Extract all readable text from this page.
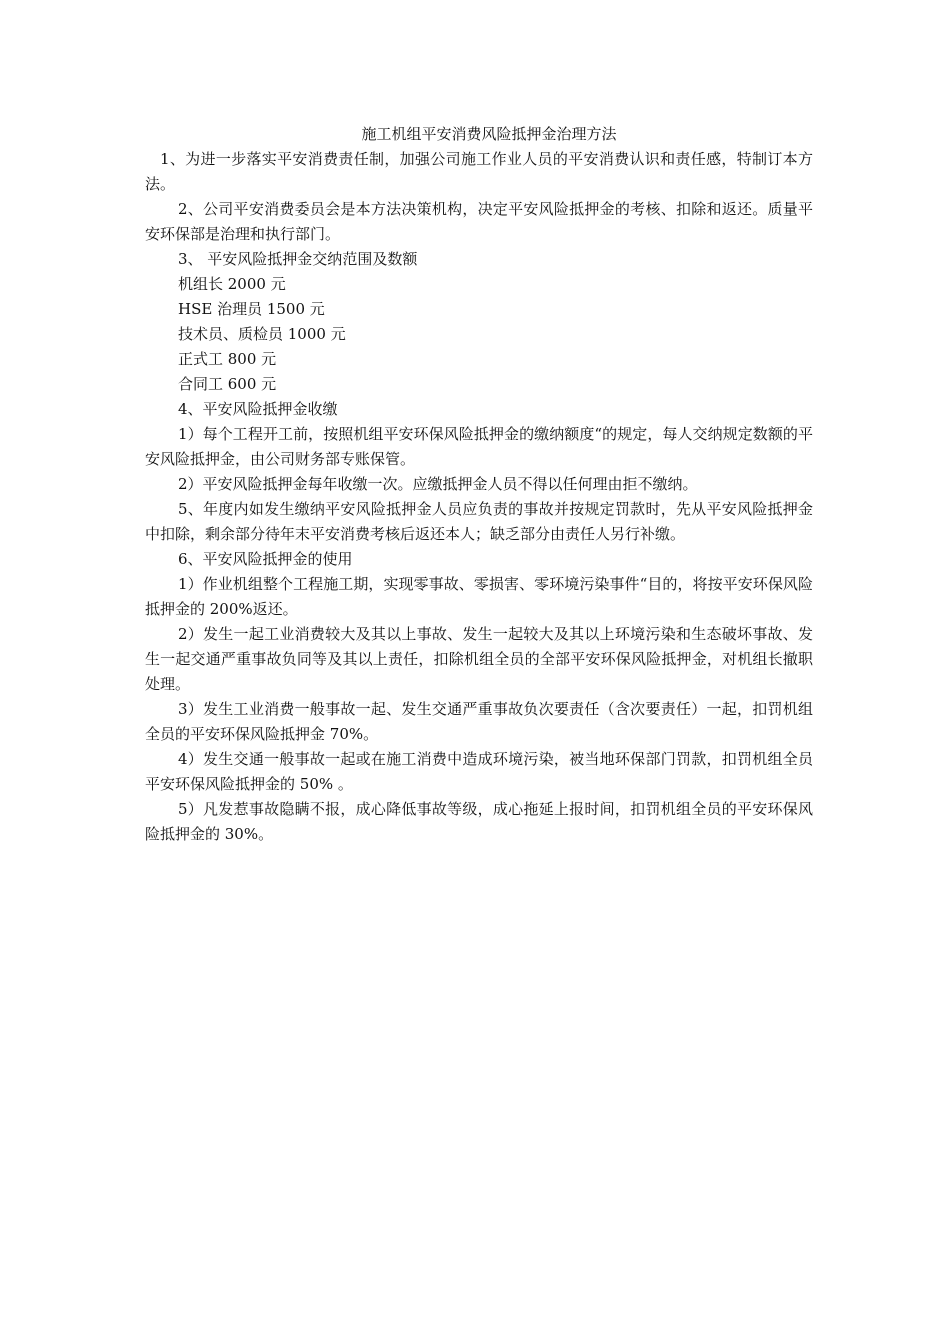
施工机组平安消费风险抵押金治理方法

1、为进一步落实平安消费责任制，加强公司施工作业人员的平安消费认识和责任感，特制订本方法。

2、公司平安消费委员会是本方法决策机构，决定平安风险抵押金的考核、扣除和返还。质量平安环保部是治理和执行部门。

3、 平安风险抵押金交纳范围及数额

机组长 2000 元

HSE 治理员 1500 元

技术员、质检员 1000 元

正式工 800 元

合同工 600 元

4、平安风险抵押金收缴

1）每个工程开工前，按照机组平安环保风险抵押金的缴纳额度“的规定，每人交纳规定数额的平安风险抵押金，由公司财务部专账保管。

2）平安风险抵押金每年收缴一次。应缴抵押金人员不得以任何理由拒不缴纳。

5、年度内如发生缴纳平安风险抵押金人员应负责的事故并按规定罚款时，先从平安风险抵押金中扣除，剩余部分待年末平安消费考核后返还本人；缺乏部分由责任人另行补缴。

6、平安风险抵押金的使用

1）作业机组整个工程施工期，实现零事故、零损害、零环境污染事件“目的，将按平安环保风险抵押金的 200%返还。

2）发生一起工业消费较大及其以上事故、发生一起较大及其以上环境污染和生态破坏事故、发生一起交通严重事故负同等及其以上责任，扣除机组全员的全部平安环保风险抵押金，对机组长撤职处理。

3）发生工业消费一般事故一起、发生交通严重事故负次要责任（含次要责任）一起，扣罚机组全员的平安环保风险抵押金 70%。

4）发生交通一般事故一起或在施工消费中造成环境污染，被当地环保部门罚款，扣罚机组全员平安环保风险抵押金的 50% 。

5）凡发惹事故隐瞒不报，成心降低事故等级，成心拖延上报时间，扣罚机组全员的平安环保风险抵押金的 30%。
